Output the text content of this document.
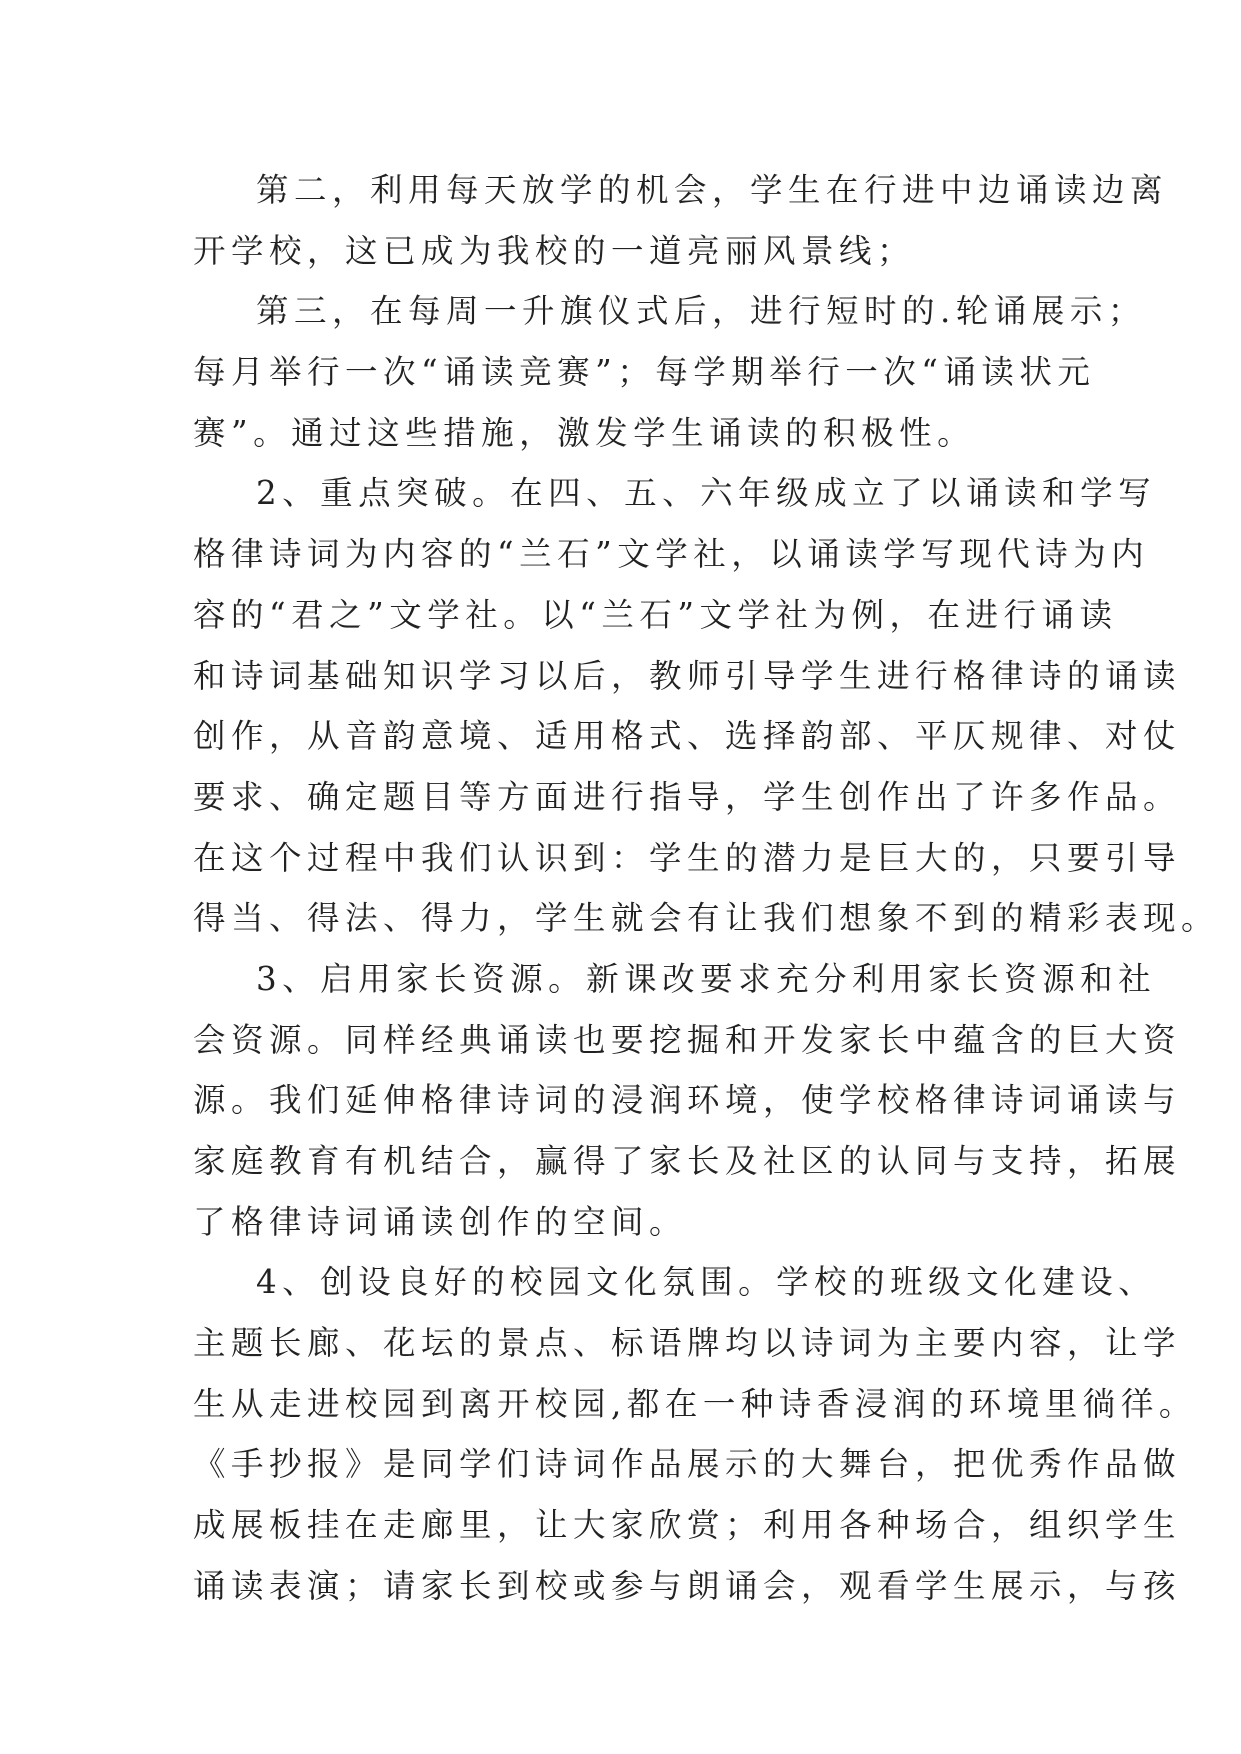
第二，利用每天放学的机会，学生在行进中边诵读边离
开学校，这已成为我校的一道亮丽风景线；
第三，在每周一升旗仪式后，进行短时的.轮诵展示；
每月举行一次“诵读竞赛”；每学期举行一次“诵读状元
赛”。通过这些措施，激发学生诵读的积极性。
2、重点突破。在四、五、六年级成立了以诵读和学写
格律诗词为内容的“兰石”文学社，以诵读学写现代诗为内
容的“君之”文学社。以“兰石”文学社为例，在进行诵读
和诗词基础知识学习以后，教师引导学生进行格律诗的诵读
创作，从音韵意境、适用格式、选择韵部、平仄规律、对仗
要求、确定题目等方面进行指导，学生创作出了许多作品。
在这个过程中我们认识到：学生的潜力是巨大的，只要引导
得当、得法、得力，学生就会有让我们想象不到的精彩表现。
3、启用家长资源。新课改要求充分利用家长资源和社
会资源。同样经典诵读也要挖掘和开发家长中蕴含的巨大资
源。我们延伸格律诗词的浸润环境，使学校格律诗词诵读与
家庭教育有机结合，赢得了家长及社区的认同与支持，拓展
了格律诗词诵读创作的空间。
4、创设良好的校园文化氛围。学校的班级文化建设、
主题长廊、花坛的景点、标语牌均以诗词为主要内容，让学
生从走进校园到离开校园,都在一种诗香浸润的环境里徜徉。
《手抄报》是同学们诗词作品展示的大舞台，把优秀作品做
成展板挂在走廊里，让大家欣赏；利用各种场合，组织学生
诵读表演；请家长到校或参与朗诵会，观看学生展示，与孩
